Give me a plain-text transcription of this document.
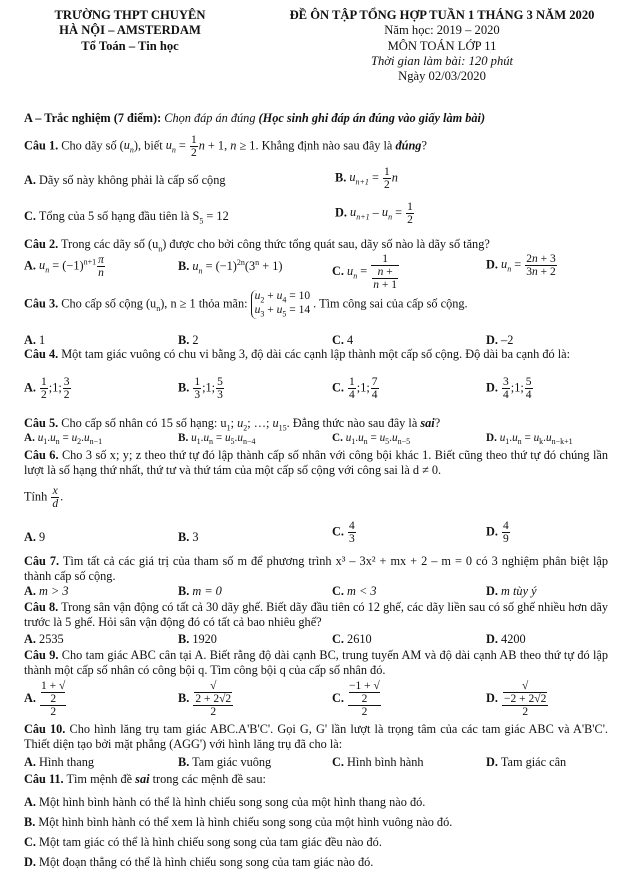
TRƯỜNG THPT CHUYÊN
HÀ NỘI – AMSTERDAM
Tổ Toán – Tin học
ĐỀ ÔN TẬP TỔNG HỢP TUẦN 1 THÁNG 3 NĂM 2020
Năm học: 2019 – 2020
MÔN TOÁN LỚP 11
Thời gian làm bài: 120 phút
Ngày 02/03/2020
A – Trắc nghiệm (7 điểm): Chọn đáp án đúng (Học sinh ghi đáp án đúng vào giấy làm bài)
Câu 1. Cho dãy số $(u_n)$, biết $u_n = \frac{1}{2}$ n + 1, n ≥ 1. Khẳng định nào sau đây là đúng?
A. Dãy số này không phải là cấp số cộng	B. $u_{n+1} = \frac{1}{2}$ n
C. Tổng của 5 số hạng đầu tiên là $S_5 = 12$	D. $u_{n+1} - u_n = \frac{1}{2}$
Câu 2. Trong các dãy số $(u_n)$ được cho bởi công thức tổng quát sau, dãy số nào là dãy số tăng?
A. $u_n = (-1)^{n+1} \frac{\pi}{n}$	B. $u_n = (-1)^{2n}(3^n + 1)$	C. $u_n = 1$
n +
n + 1	D. $u_n = \frac{2n + 3}{3n + 2}$
Câu 3. Cho cấp số cộng $(u_n)$, n ≥ 1 thỏa mãn: $u_2 + u_4 = 10$
$u_3 + u_5 = 14$. Tìm công sai của cấp số cộng.
A. 1	B. 2	C. 4	D. –2
Câu 4. Một tam giác vuông có chu vi bằng 3, độ dài các cạnh lập thành một cấp số cộng. Độ dài ba cạnh đó là:
A. $\frac{1}{2}$ ;1; $\frac{3}{2}$	B. $\frac{1}{3}$ ;1; $\frac{5}{3}$	C. $\frac{1}{4}$ ;1; $\frac{7}{4}$	D. $\frac{3}{4}$ ;1; $\frac{5}{4}$
Câu 5. Cho cấp số nhân có 15 số hạng: $u_1$; $u_2$; …; $u_{15}$. Đẳng thức nào sau đây là sai?
A. $u_1.u_n = u_2.u_{n-1}$	B. $u_1.u_n = u_5.u_{n-4}$	C. $u_1.u_n = u_5.u_{n-5}$	D. $u_1.u_n = u_k.u_{n-k+1}$
Câu 6. Cho 3 số x; y; z theo thứ tự đó lập thành cấp số nhân với công bội khác 1. Biết cũng theo thứ tự đó chúng lần lượt là số hạng thứ nhất, thứ tư và thứ tám của một cấp số cộng với công sai là d ≠ 0.
Tính $\frac{x}{d}$ .
A. 9	B. 3	C. $\frac{4}{3}$	D. $\frac{4}{9}$
Câu 7. Tìm tất cả các giá trị của tham số m để phương trình x³ – 3x² + mx + 2 – m = 0 có 3 nghiệm phân biệt lập thành cấp số cộng.
A. m > 3	B. m = 0	C. m < 3	D. m tùy ý
Câu 8. Trong sân vận động có tất cả 30 dãy ghế. Biết dãy đầu tiên có 12 ghế, các dãy liền sau có số ghế nhiều hơn dãy trước là 5 ghế. Hỏi sân vận động đó có tất cả bao nhiêu ghế?
A. 2535	B. 1920	C. 2610	D. 4200
Câu 9. Cho tam giác ABC cân tại A. Biết rằng độ dài cạnh BC, trung tuyến AM và độ dài cạnh AB theo thứ tự đó lập thành một cấp số nhân có công bội q. Tìm công bội q của cấp số nhân đó.
A. 1 + √
2
2	B. √
2 + 2√2
2	C. −1 + √
2
2	D. √
−2 + 2√2
2
Câu 10. Cho hình lăng trụ tam giác ABC.A'B'C'. Gọi G, G' lần lượt là trọng tâm của các tam giác ABC và A'B'C'. Thiết diện tạo bởi mặt phẳng (AGG') với hình lăng trụ đã cho là:
A. Hình thang	B. Tam giác vuông	C. Hình bình hành	D. Tam giác cân
Câu 11. Tìm mệnh đề sai trong các mệnh đề sau:
A. Một hình bình hành có thể là hình chiếu song song của một hình thang nào đó.
B. Một hình bình hành có thể xem là hình chiếu song song của một hình vuông nào đó.
C. Một tam giác có thể là hình chiếu song song của tam giác đều nào đó.
D. Một đoạn thẳng có thể là hình chiếu song song của tam giác nào đó.
